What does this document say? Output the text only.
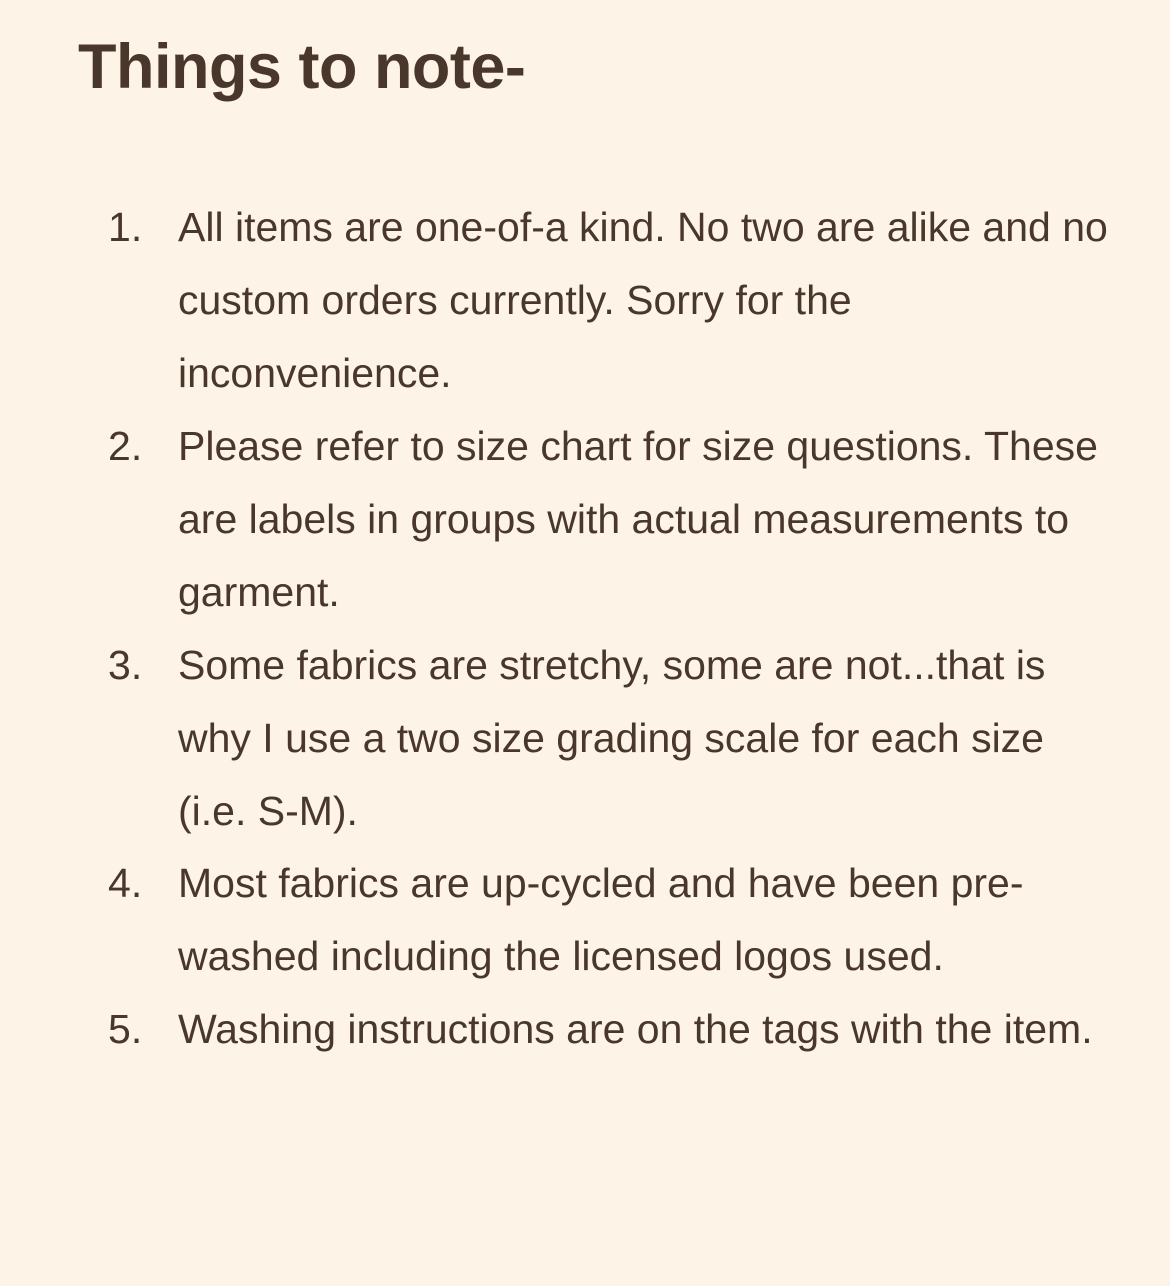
Things to note-
All items are one-of-a kind. No two are alike and no custom orders currently. Sorry for the inconvenience.
Please refer to size chart for size questions. These are labels in groups with actual measurements to garment.
Some fabrics are stretchy, some are not...that is why I use a two size grading scale for each size (i.e. S-M).
Most fabrics are up-cycled and have been pre-washed including the licensed logos used.
Washing instructions are on the tags with the item.
